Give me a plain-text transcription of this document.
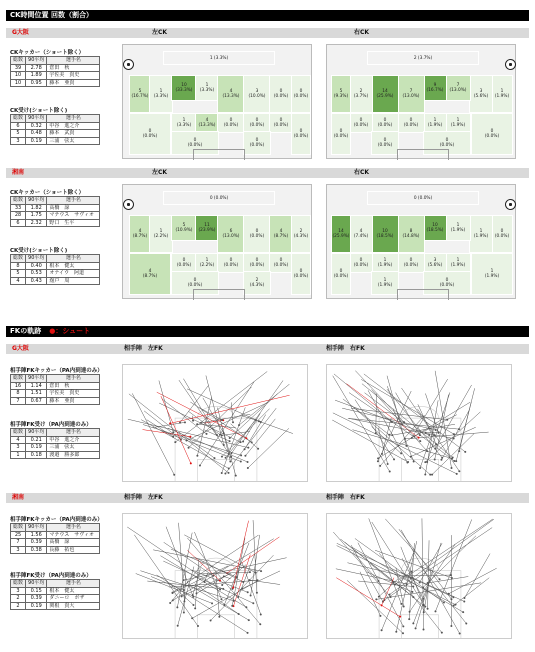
CK時間位置 回数（割合）
G大阪	左CK	右CK
CKキッカー（ショート除く）
総数	90平均	選手名
39	2.78	倉田　秋
10	1.89	宇佐美　貴史
10	0.95	藤本　亜貴
CK受け(ショート除く)
総数	90平均	選手名
6	0.32	中谷　進之介
5	0.48	藤本　武貴
3	0.19	三浦　弦太
1 (3.3%)
5
(16.7%)
1
(3.3%)
10
(33.3%)
1
(3.3%)	4
(13.3%)
3
(10.0%)
0
(0.0%)
0
(0.0%)
0
(0.0%)
1
(3.3%)
4
(13.3%)
0
(0.0%)
0
(0.0%)
0
(0.0%)
0
(0.0%)
0
(0.0%)
0
(0.0%)
2 (3.7%)
1
(1.9%)
3
(5.6%)
7
(13.0%)
9
(16.7%)
7
(13.0%)
14
(25.9%)
2
(3.7%)
5
(9.3%)
0
(0.0%)
1
(1.9%)
1
(1.9%)
0
(0.0%)
0
(0.0%)
0
(0.0%)
0
(0.0%)
0
(0.0%)
0
(0.0%)
湘南	左CK	右CK
CKキッカー（ショート除く）
総数	90平均	選手名
33	1.82	高橋　諒
28	1.75	マテウス　サヴィオ
6	2.32	野口　生平
CK受け(ショート除く)
総数	90平均	選手名
8	0.40	根本　健太
5	0.53	オナイウ　阿道
4	0.43	舘戸　周
0 (0.0%)
4
(8.7%)
1
(2.2%)
5
(10.9%)
11
(23.9%)	6
(13.0%)
0
(0.0%)
4
(8.7%)
2
(4.3%)
4
(8.7%)
0
(0.0%)
1
(2.2%)
0
(0.0%)
0
(0.0%)
0
(0.0%)
0
(0.0%)
0
(0.0%)
2
(4.3%)
0 (0.0%)
0
(0.0%)
1
(1.9%)
1
(1.9%)
10
(18.5%)
8
(14.8%)
10
(18.5%)
4
(7.4%)
14
(25.9%)
1
(1.9%)
1
(1.9%)
3
(5.6%)
0
(0.0%)
1
(1.9%)
0
(0.0%)
0
(0.0%)
0
(0.0%)
1
(1.9%)
FKの軌跡 ●：シュート
G大阪	相手陣　左FK	相手陣　右FK
相手陣FKキッカー（PA内到達のみ）
総数	90平均	選手名
16	1.14	倉田　秋
8	1.51	宇佐美　貴史
7	0.67	藤本　亜貴
相手陣FK受け（PA内到達のみ）
総数	90平均	選手名
4	0.21	中谷　進之介
3	0.19	三浦　弦太
1	0.18	渡邉　勝多郎
湘南	相手陣　左FK	相手陣　右FK
相手陣FKキッカー（PA内到達のみ）
総数	90平均	選手名
25	1.56	マテウス　サヴィオ
7	0.39	高橋　諒
3	0.38	長藤　拓也
相手陣FK受け（PA内到達のみ）
総数	90平均	選手名
3	0.15	根本　健太
2	0.39	ダニーロ　ボザ
2	0.19	関根　貴大
